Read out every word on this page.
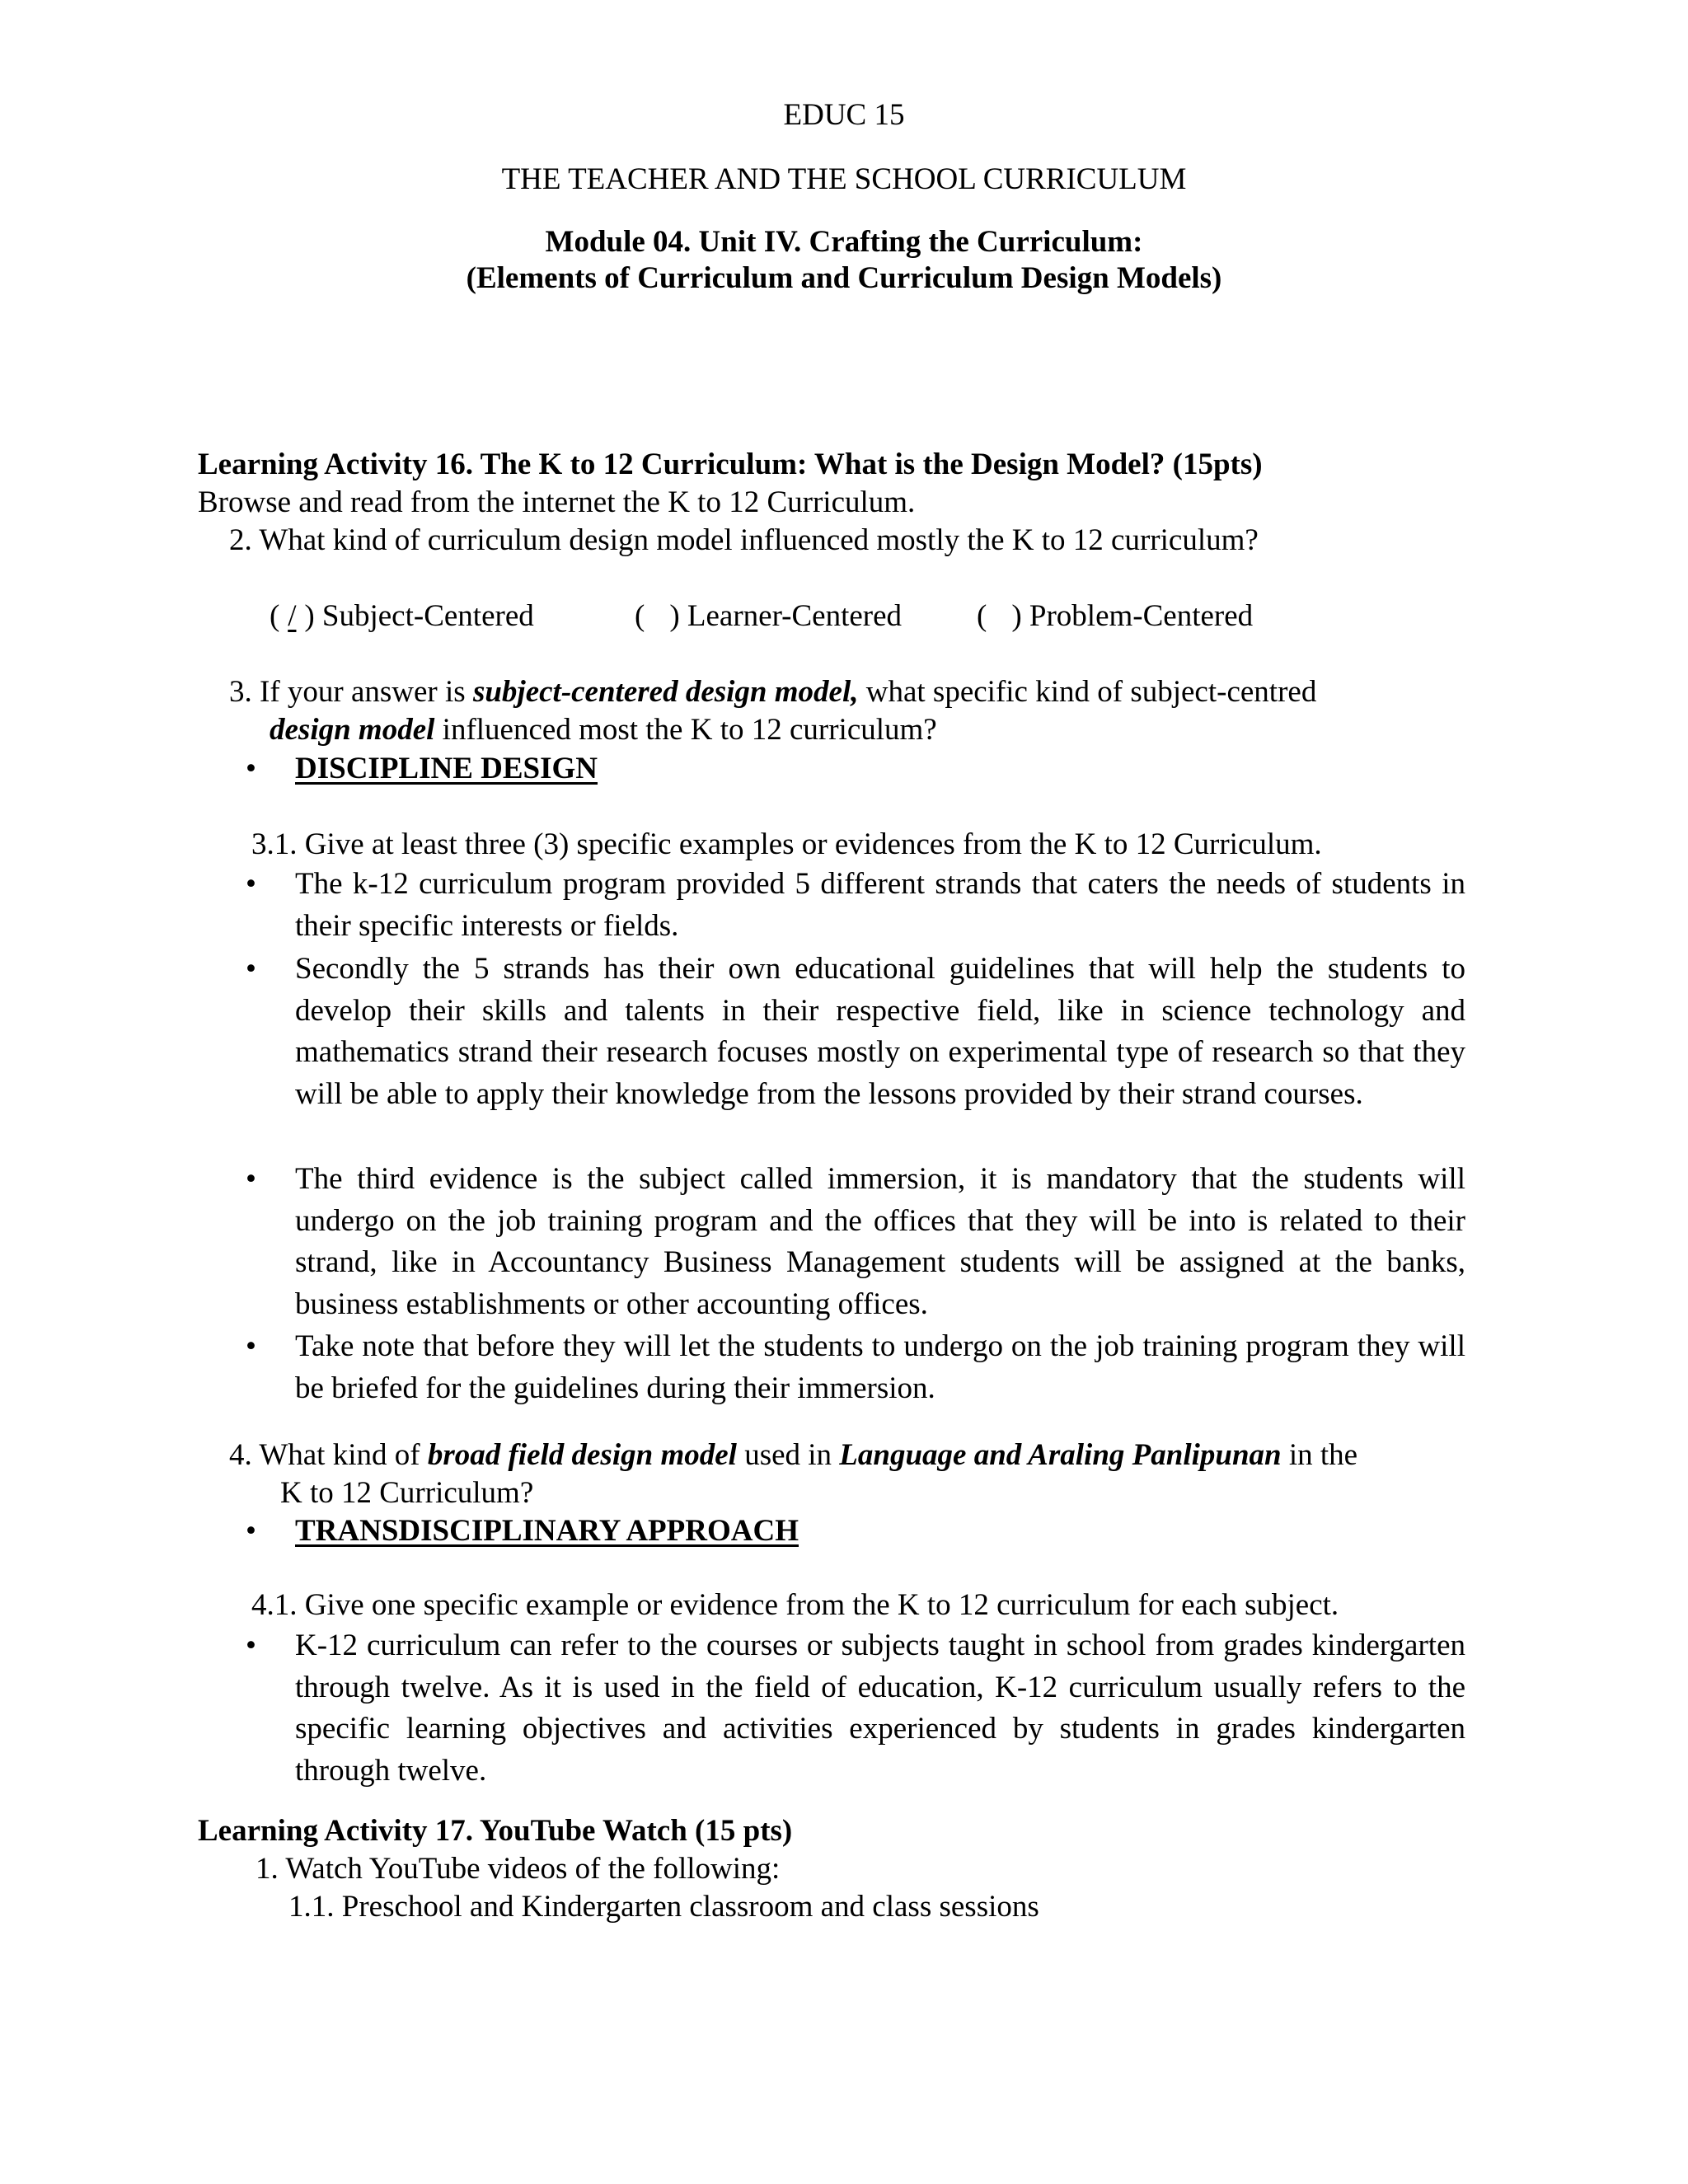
EDUC 15
THE TEACHER AND THE SCHOOL CURRICULUM
Module 04. Unit IV. Crafting the Curriculum:
(Elements of Curriculum and Curriculum Design Models)
Learning Activity 16. The K to 12 Curriculum: What is the Design Model? (15pts)
Browse and read from the internet the K to 12 Curriculum.
2. What kind of curriculum design model influenced mostly the K to 12 curriculum?
( / ) Subject-Centered	( ) Learner-Centered ( ) Problem-Centered
3. If your answer is subject-centered design model, what specific kind of subject-centred
design model influenced most the K to 12 curriculum?
• DISCIPLINE DESIGN
3.1. Give at least three (3) specific examples or evidences from the K to 12 Curriculum.
• The k-12 curriculum program provided 5 different strands that caters the needs of students in their specific interests or fields.
• Secondly the 5 strands has their own educational guidelines that will help the students to develop their skills and talents in their respective field, like in science technology and mathematics strand their research focuses mostly on experimental type of research so that they will be able to apply their knowledge from the lessons provided by their strand courses.
• The third evidence is the subject called immersion, it is mandatory that the students will undergo on the job training program and the offices that they will be into is related to their strand, like in Accountancy Business Management students will be assigned at the banks, business establishments or other accounting offices.
• Take note that before they will let the students to undergo on the job training program they will be briefed for the guidelines during their immersion.
4. What kind of broad field design model used in Language and Araling Panlipunan in the
K to 12 Curriculum?
• TRANSDISCIPLINARY APPROACH
4.1. Give one specific example or evidence from the K to 12 curriculum for each subject.
• K-12 curriculum can refer to the courses or subjects taught in school from grades kindergarten through twelve. As it is used in the field of education, K-12 curriculum usually refers to the specific learning objectives and activities experienced by students in grades kindergarten through twelve.
Learning Activity 17. YouTube Watch (15 pts)
1. Watch YouTube videos of the following:
1.1. Preschool and Kindergarten classroom and class sessions
